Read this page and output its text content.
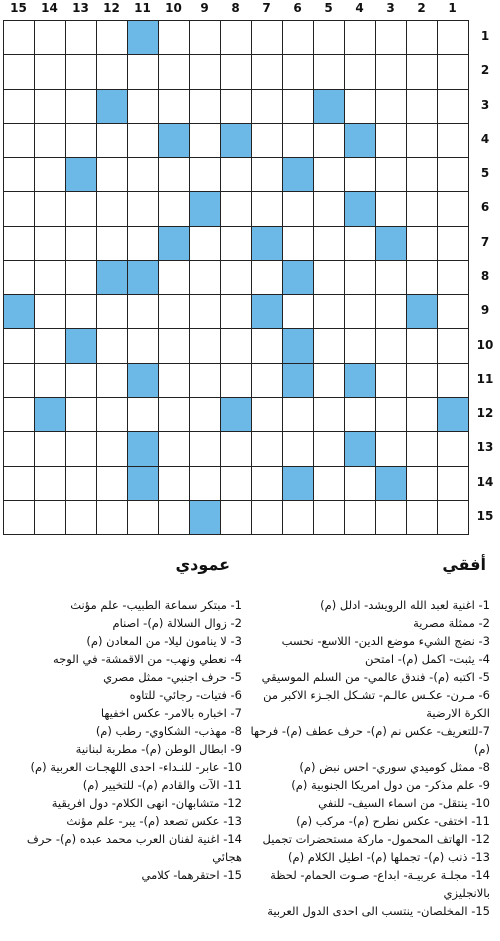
15	14	13	12	11	10	9	8	7	6	5	4	3	2	1
1
2
3
4
5
6
7
8
9
10
11
12
13
14
15
أفقي
عمودي
1- اغنية لعبد الله الرويشد- ادلل (م)
2- ممثلة مصرية
3- نضج الشيء موضع الدين- اللاسع- نحسب
4- يثبت- اكمل (م)- امتحن
5- اكتبه (م)- فندق عالمي- من السلم الموسيقي
6- مـرن- عكـس عالـم- تشـكل الجـزء الاكبر من الكرة الارضية
7-للتعريف- عكس نم (م)- حرف عطف (م)- فرحها (م)
8- ممثل كوميدي سوري- احس نبض (م)
9- علم مذكر- من دول امريكا الجنوبية (م)
10- ينتقل- من اسماء السيف- للنفي
11- اختفى- عكس نطرح (م)- مركب (م)
12- الهاتف المحمول- ماركة مستحضرات تجميل
13- ذنب (م)- تجملها (م)- اطيل الكلام (م)
14- مجلـة عربيـة- ابداع- صـوت الحمام- لحظة بالانجليزي
15- المخلصان- ينتسب الى احدى الدول العربية
1- مبتكر سماعة الطبيب- علم مؤنث
2- زوال السلالة (م)- اصنام
3- لا ينامون ليلا- من المعادن (م)
4- نعطي ونهب- من الاقمشة- في الوجه
5- حرف اجنبي- ممثل مصري
6- فتيات- رجائي- للتاوه
7- اخباره بالامر- عكس اخفيها
8- مهذب- الشكاوي- رطب (م)
9- ابطال الوطن (م)- مطربة لبنانية
10- عابر- للنـداء- احدى اللهجـات العربية (م)
11- الآت والقادم (م)- للتخيير (م)
12- متشابهان- انهى الكلام- دول افريقية
13- عكس تصعد (م)- يبر- علم مؤنث
14- اغنية لفنان العرب محمد عبده (م)- حرف هجائي
15- احتقرهما- كلامي
